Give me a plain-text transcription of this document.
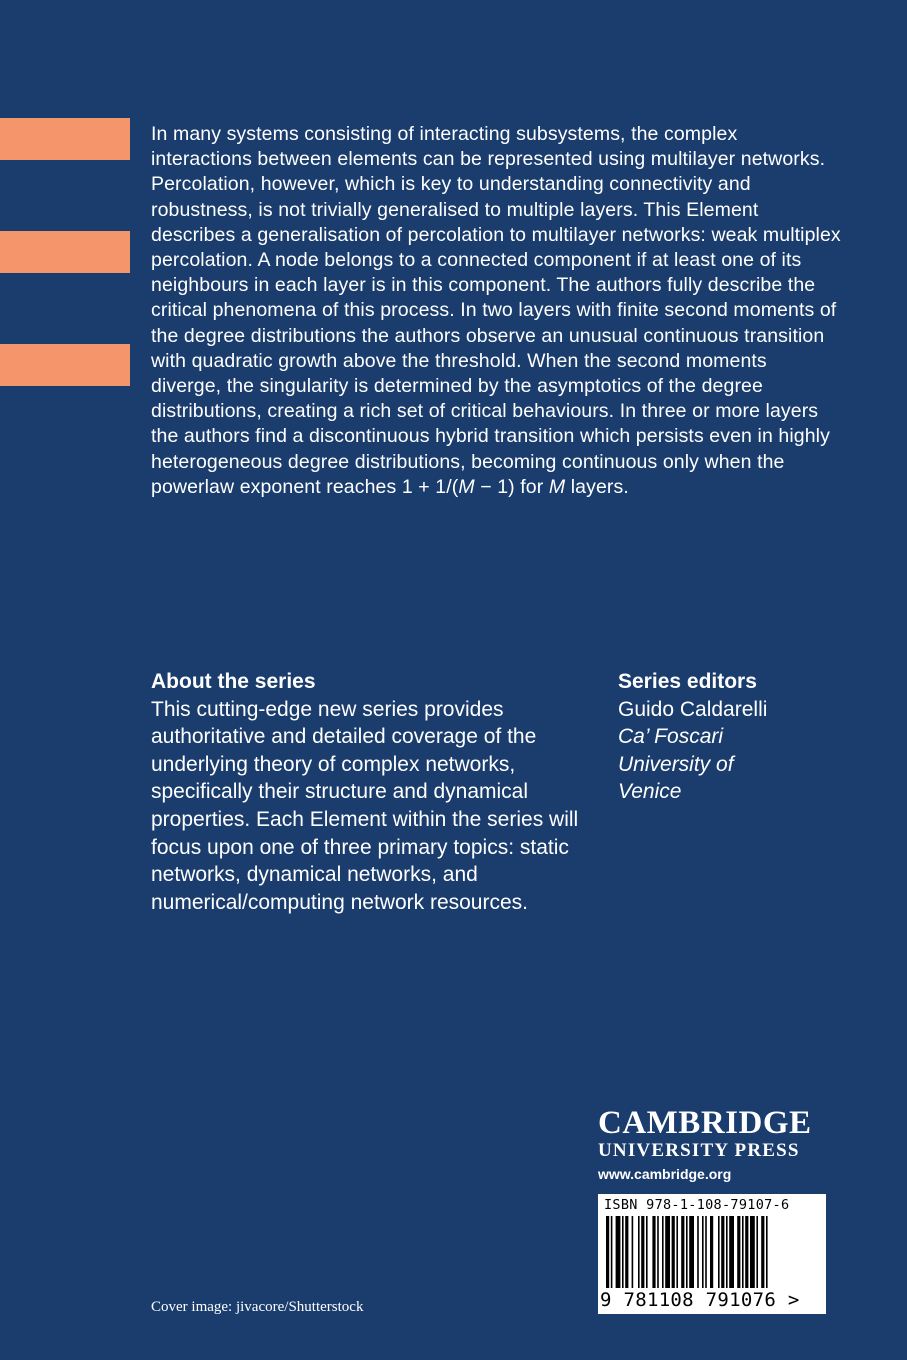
In many systems consisting of interacting subsystems, the complex interactions between elements can be represented using multilayer networks. Percolation, however, which is key to understanding connectivity and robustness, is not trivially generalised to multiple layers. This Element describes a generalisation of percolation to multilayer networks: weak multiplex percolation. A node belongs to a connected component if at least one of its neighbours in each layer is in this component. The authors fully describe the critical phenomena of this process. In two layers with finite second moments of the degree distributions the authors observe an unusual continuous transition with quadratic growth above the threshold. When the second moments diverge, the singularity is determined by the asymptotics of the degree distributions, creating a rich set of critical behaviours. In three or more layers the authors find a discontinuous hybrid transition which persists even in highly heterogeneous degree distributions, becoming continuous only when the powerlaw exponent reaches 1 + 1/(M − 1) for M layers.
About the series
This cutting-edge new series provides authoritative and detailed coverage of the underlying theory of complex networks, specifically their structure and dynamical properties. Each Element within the series will focus upon one of three primary topics: static networks, dynamical networks, and numerical/computing network resources.
Series editors
Guido Caldarelli
Ca’ Foscari
University of
Venice
CAMBRIDGE
UNIVERSITY PRESS
www.cambridge.org
ISBN 978-1-108-79107-6
9 781108 791076 >
Cover image: jivacore/Shutterstock
